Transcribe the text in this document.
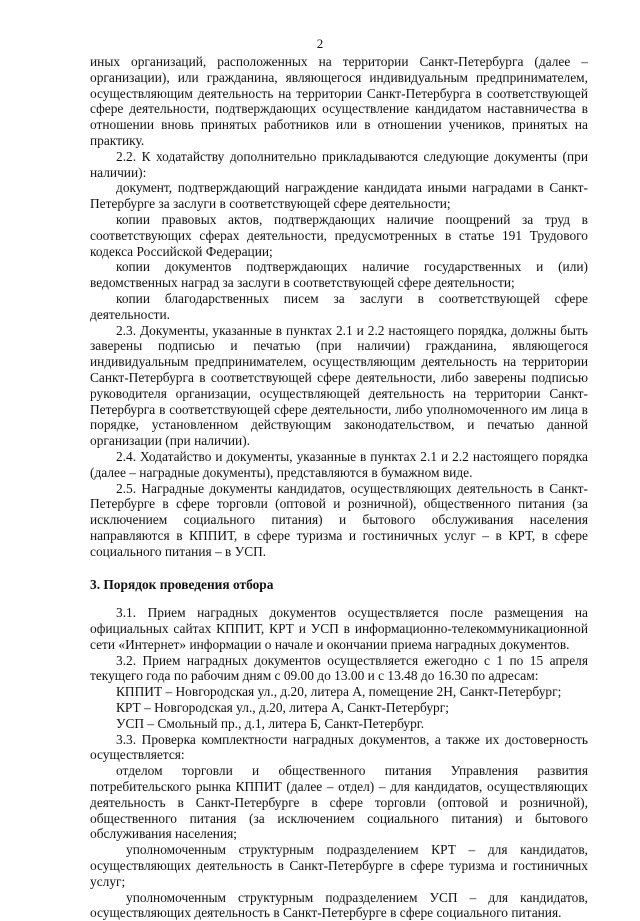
2

иных организаций, расположенных на территории Санкт-Петербурга (далее – организации), или гражданина, являющегося индивидуальным предпринимателем, осуществляющим деятельность на территории Санкт-Петербурга в соответствующей сфере деятельности, подтверждающих осуществление кандидатом наставничества в отношении вновь принятых работников или в отношении учеников, принятых на практику.

2.2. К ходатайству дополнительно прикладываются следующие документы (при наличии):

документ, подтверждающий награждение кандидата иными наградами в Санкт-Петербурге за заслуги в соответствующей сфере деятельности;

копии правовых актов, подтверждающих наличие поощрений за труд в соответствующих сферах деятельности, предусмотренных в статье 191 Трудового кодекса Российской Федерации;

копии документов подтверждающих наличие государственных и (или) ведомственных наград за заслуги в соответствующей сфере деятельности;

копии благодарственных писем за заслуги в соответствующей сфере деятельности.

2.3. Документы, указанные в пунктах 2.1 и 2.2 настоящего порядка, должны быть заверены подписью и печатью (при наличии) гражданина, являющегося индивидуальным предпринимателем, осуществляющим деятельность на территории Санкт-Петербурга в соответствующей сфере деятельности, либо заверены подписью руководителя организации, осуществляющей деятельность на территории Санкт-Петербурга в соответствующей сфере деятельности, либо уполномоченного им лица в порядке, установленном действующим законодательством, и печатью данной организации (при наличии).

2.4. Ходатайство и документы, указанные в пунктах 2.1 и 2.2 настоящего порядка (далее – наградные документы), представляются в бумажном виде.

2.5. Наградные документы кандидатов, осуществляющих деятельность в Санкт-Петербурге в сфере торговли (оптовой и розничной), общественного питания (за исключением социального питания) и бытового обслуживания населения направляются в КППИТ, в сфере туризма и гостиничных услуг – в КРТ, в сфере социального питания – в УСП.

3. Порядок проведения отбора

3.1. Прием наградных документов осуществляется после размещения на официальных сайтах КППИТ, КРТ и УСП в информационно-телекоммуникационной сети «Интернет» информации о начале и окончании приема наградных документов.

3.2. Прием наградных документов осуществляется ежегодно с 1 по 15 апреля текущего года по рабочим дням с 09.00 до 13.00 и с 13.48 до 16.30 по адресам:

КППИТ – Новгородская ул., д.20, литера А, помещение 2Н, Санкт-Петербург;

КРТ – Новгородская ул., д.20, литера А, Санкт-Петербург;

УСП – Смольный пр., д.1, литера Б, Санкт-Петербург.

3.3. Проверка комплектности наградных документов, а также их достоверность осуществляется:

отделом торговли и общественного питания Управления развития потребительского рынка КППИТ (далее – отдел) – для кандидатов, осуществляющих деятельность в Санкт-Петербурге в сфере торговли (оптовой и розничной), общественного питания (за исключением социального питания) и бытового обслуживания населения;

уполномоченным структурным подразделением КРТ – для кандидатов, осуществляющих деятельность в Санкт-Петербурге в сфере туризма и гостиничных услуг;

уполномоченным структурным подразделением УСП – для кандидатов, осуществляющих деятельность в Санкт-Петербурге в сфере социального питания.
